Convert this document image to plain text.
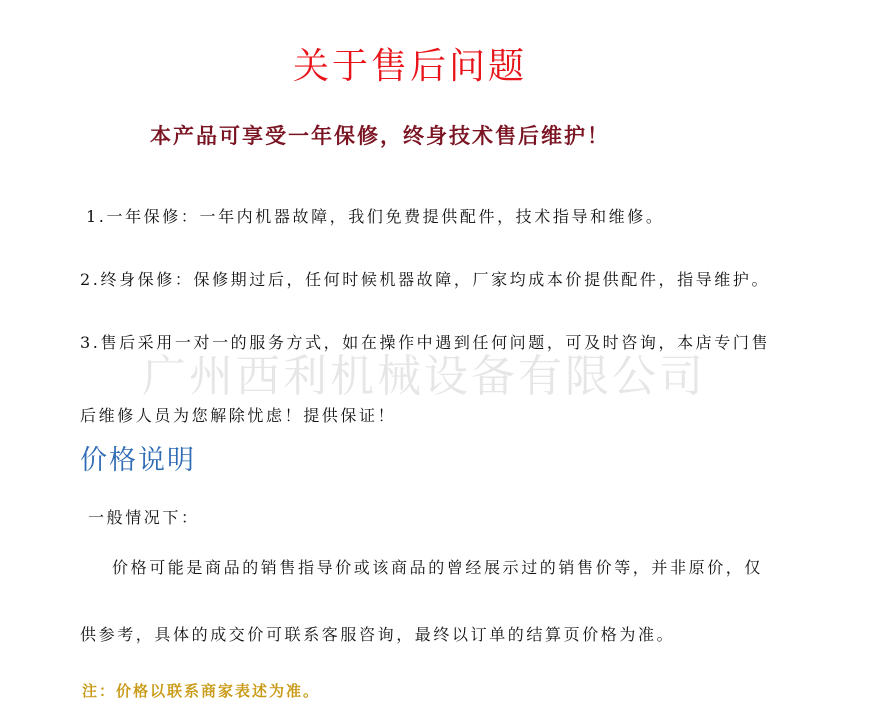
关于售后问题
本产品可享受一年保修，终身技术售后维护！
1.一年保修：一年内机器故障，我们免费提供配件，技术指导和维修。
2.终身保修：保修期过后，任何时候机器故障，厂家均成本价提供配件，指导维护。
3.售后采用一对一的服务方式，如在操作中遇到任何问题，可及时咨询，本店专门售
广州西利机械设备有限公司
后维修人员为您解除忧虑！提供保证！
价格说明
一般情况下：
价格可能是商品的销售指导价或该商品的曾经展示过的销售价等，并非原价，仅
供参考，具体的成交价可联系客服咨询，最终以订单的结算页价格为准。
注：价格以联系商家表述为准。
